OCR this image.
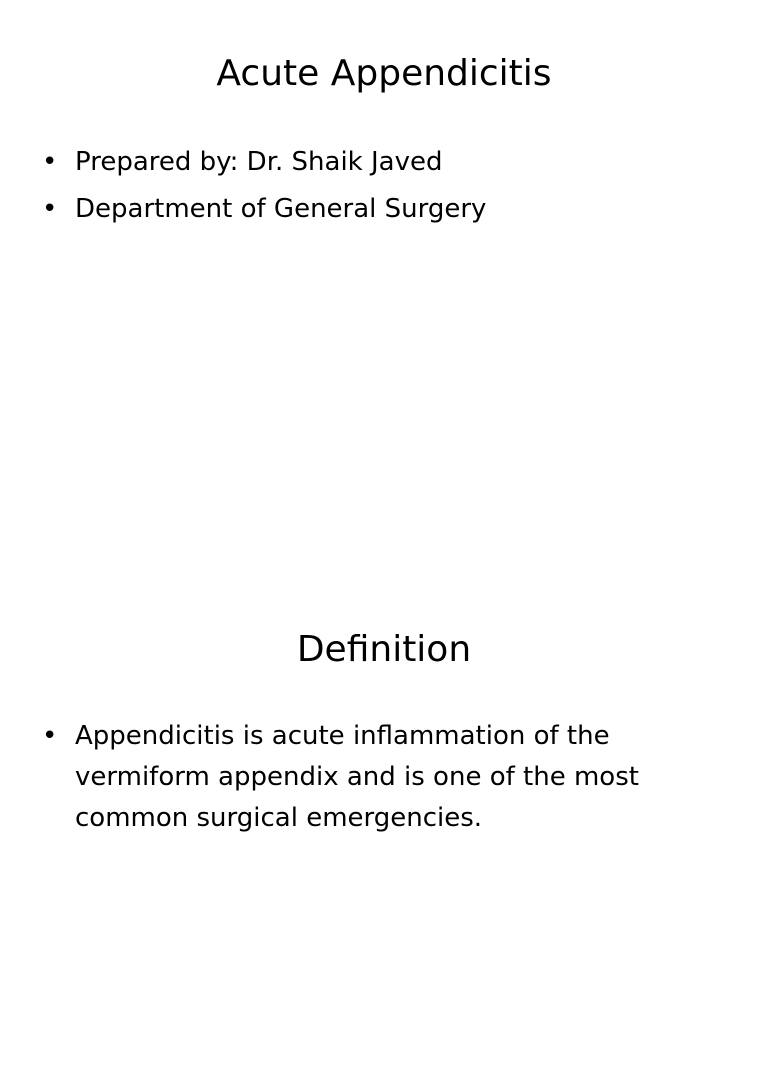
Acute Appendicitis
• Prepared by: Dr. Shaik Javed
• Department of General Surgery
Definition
• Appendicitis is acute inflammation of the vermiform appendix and is one of the most common surgical emergencies.
